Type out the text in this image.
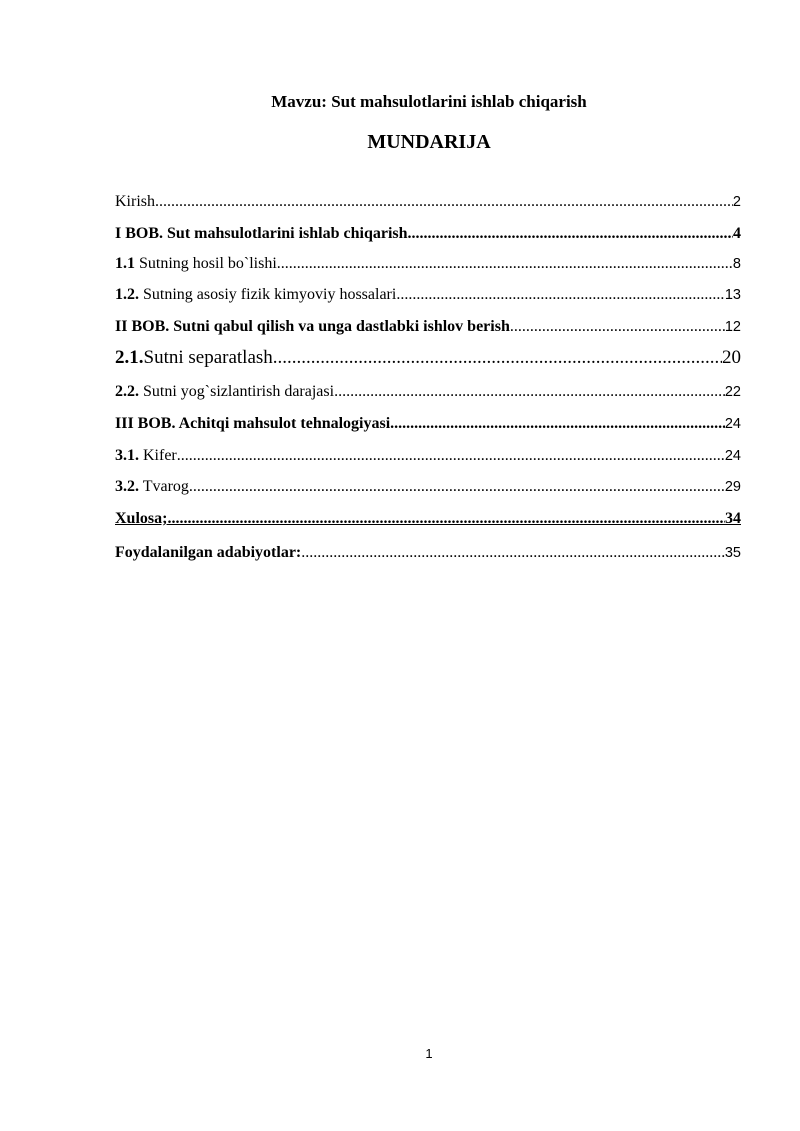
Mavzu: Sut mahsulotlarini ishlab chiqarish
MUNDARIJA
Kirish .....	2
I BOB. Sut mahsulotlarini ishlab chiqarish .....	4
1.1 Sutning hosil bo`lishi .....	8
1.2. Sutning asosiy fizik kimyoviy hossalari .....	13
II BOB. Sutni qabul qilish va unga dastlabki ishlov berish .....	12
2.1.Sutni separatlash .....	20
2.2. Sutni yog`sizlantirish darajasi .....	22
III BOB. Achitqi mahsulot tehnalogiyasi .....	24
3.1. Kifer .....	24
3.2. Tvarog .....	29
Xulosa; .....	34
Foydalanilgan adabiyotlar: .....	35
1
